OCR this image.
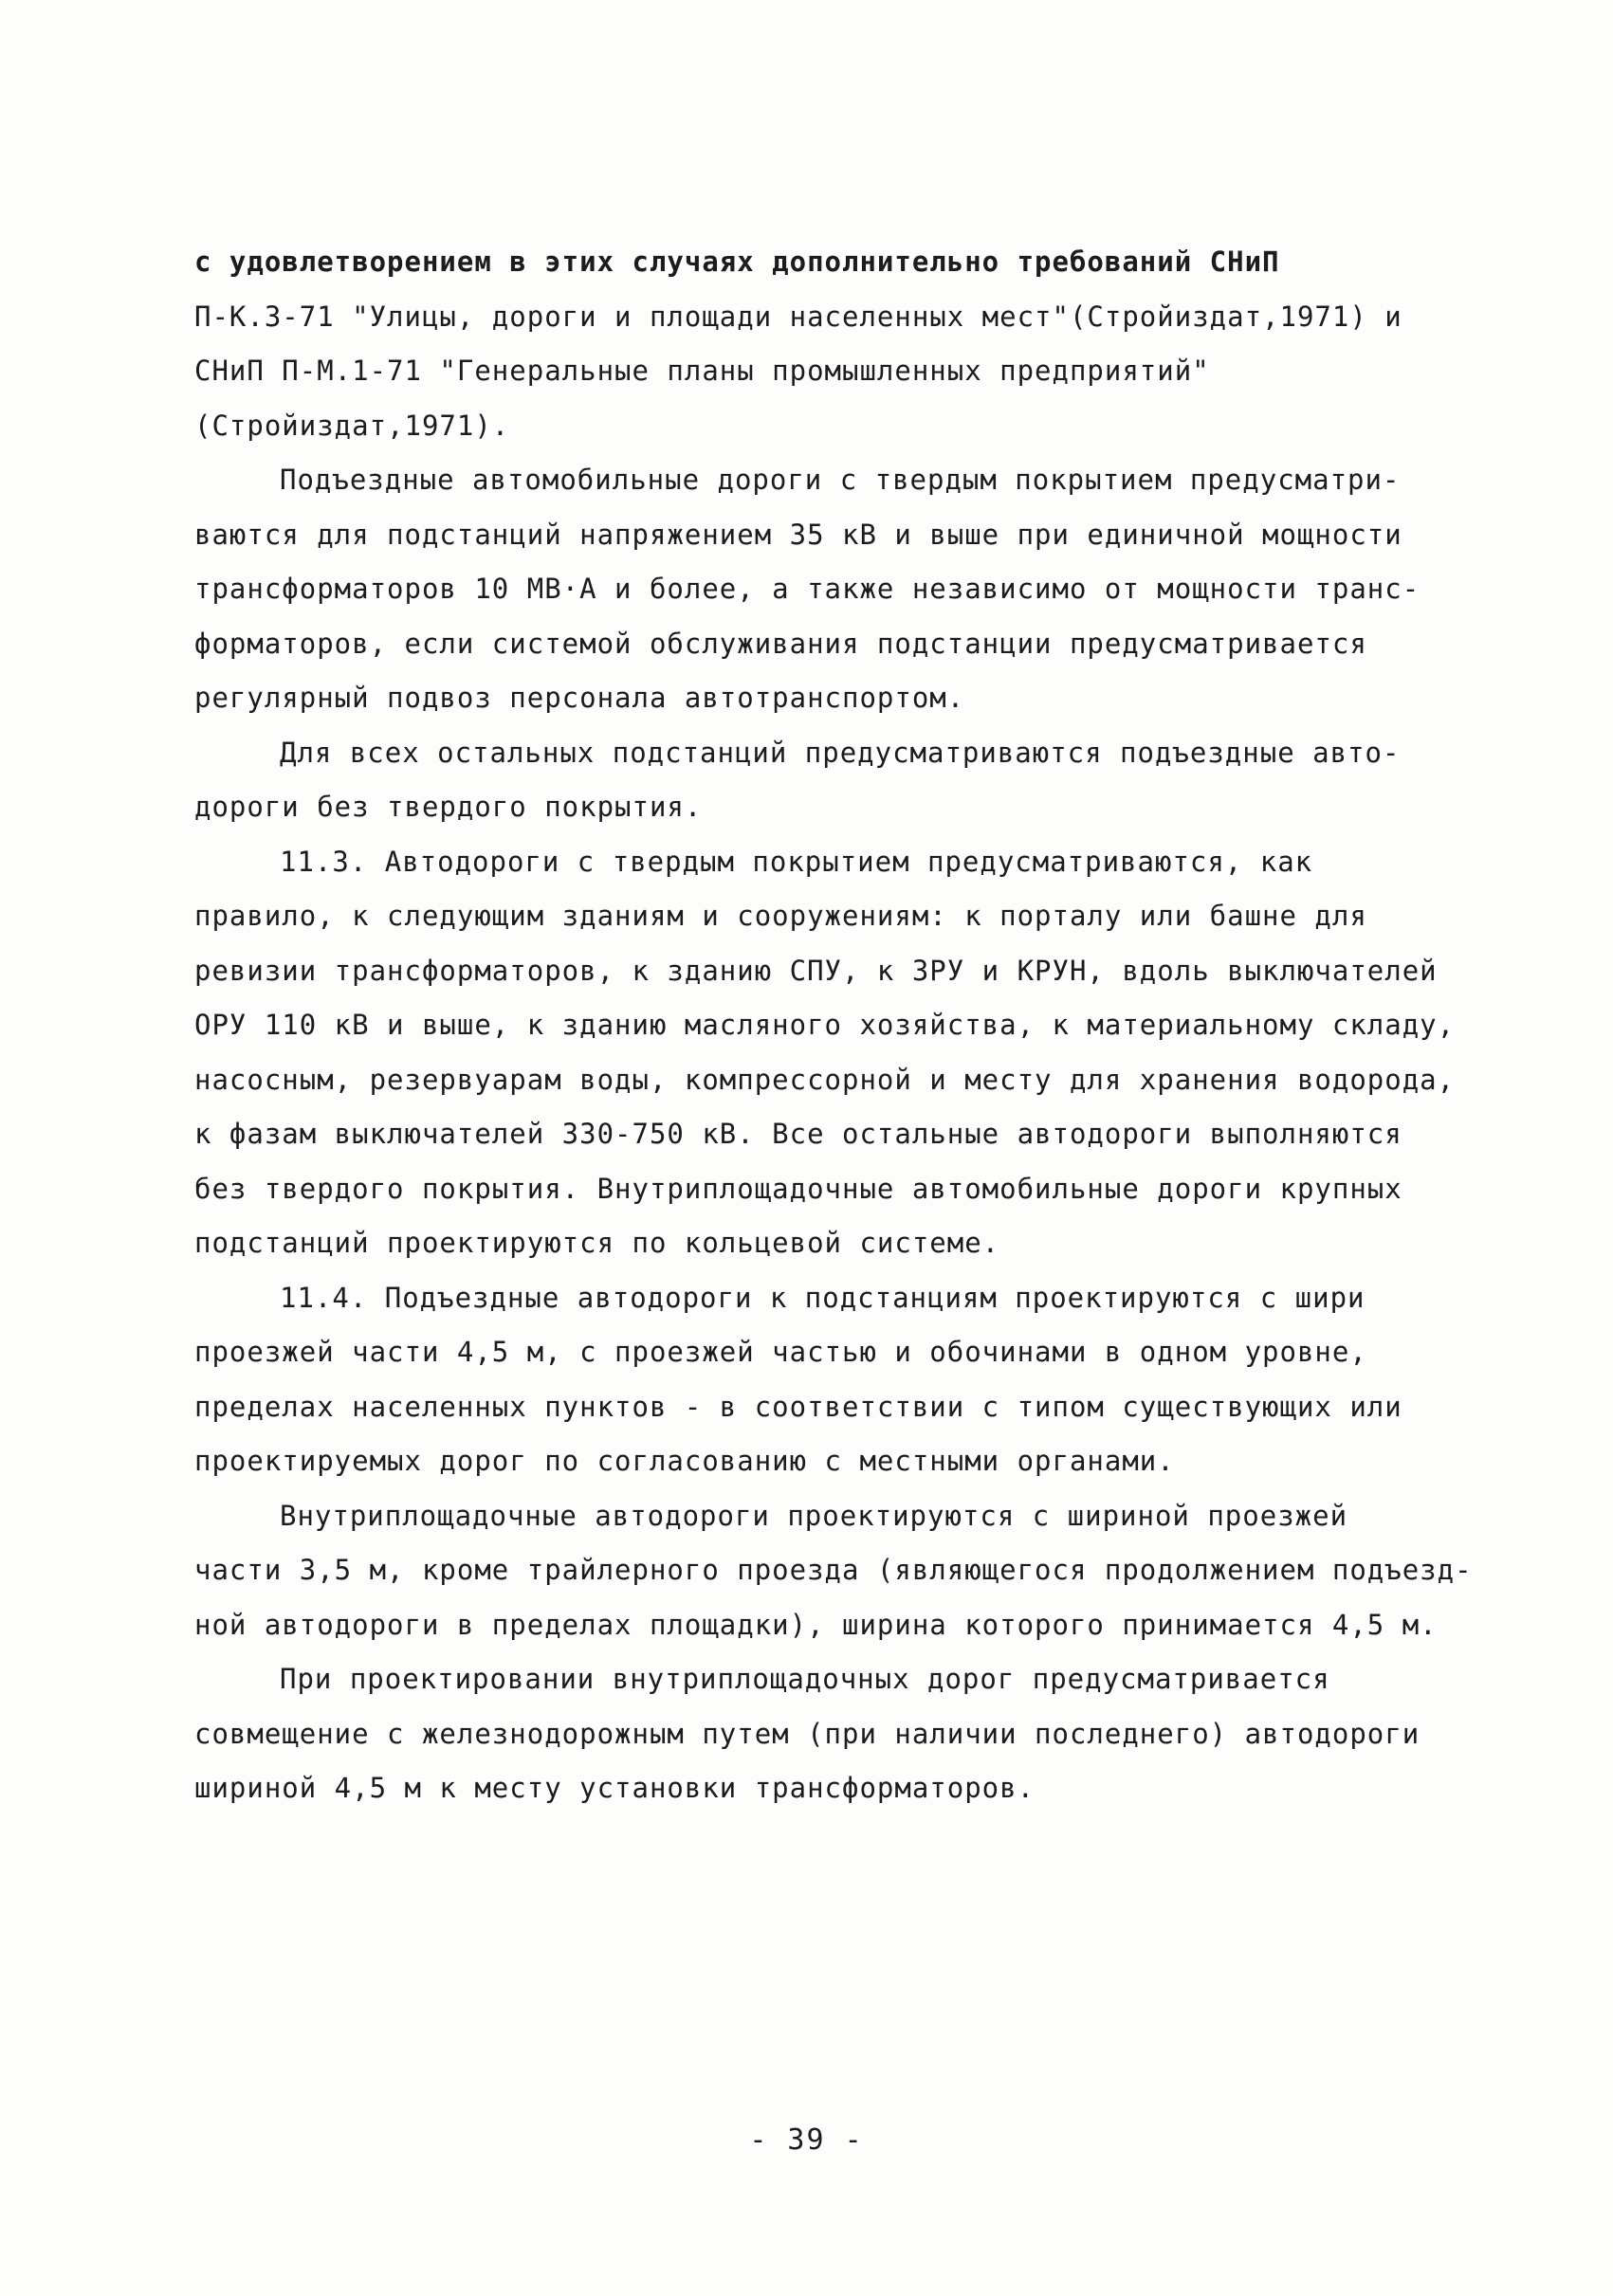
с удовлетворением в этих случаях дополнительно требований СНиП
П-К.3-71 "Улицы, дороги и площади населенных мест"(Стройиздат,1971) и
СНиП П-М.1-71 "Генеральные планы промышленных предприятий"
(Стройиздат,1971).
Подъездные автомобильные дороги с твердым покрытием предусматри-
ваются для подстанций напряжением 35 кВ и выше при единичной мощности
трансформаторов 10 МВ·А и более, а также независимо от мощности транс-
форматоров, если системой обслуживания подстанции предусматривается
регулярный подвоз персонала автотранспортом.
Для всех остальных подстанций предусматриваются подъездные авто-
дороги без твердого покрытия.
11.3. Автодороги с твердым покрытием предусматриваются, как
правило, к следующим зданиям и сооружениям: к порталу или башне для
ревизии трансформаторов, к зданию СПУ, к ЗРУ и КРУН, вдоль выключателей
ОРУ 110 кВ и выше, к зданию масляного хозяйства, к материальному складу,
насосным, резервуарам воды, компрессорной и месту для хранения водорода,
к фазам выключателей 330-750 кВ. Все остальные автодороги выполняются
без твердого покрытия. Внутриплощадочные автомобильные дороги крупных
подстанций проектируются по кольцевой системе.
11.4. Подъездные автодороги к подстанциям проектируются с шири
проезжей части 4,5 м, с проезжей частью и обочинами в одном уровне,
пределах населенных пунктов - в соответствии с типом существующих или
проектируемых дорог по согласованию с местными органами.
Внутриплощадочные автодороги проектируются с шириной проезжей
части 3,5 м, кроме трайлерного проезда (являющегося продолжением подъезд-
ной автодороги в пределах площадки), ширина которого принимается 4,5 м.
При проектировании внутриплощадочных дорог предусматривается
совмещение с железнодорожным путем (при наличии последнего) автодороги
шириной 4,5 м к месту установки трансформаторов.
- 39 -
